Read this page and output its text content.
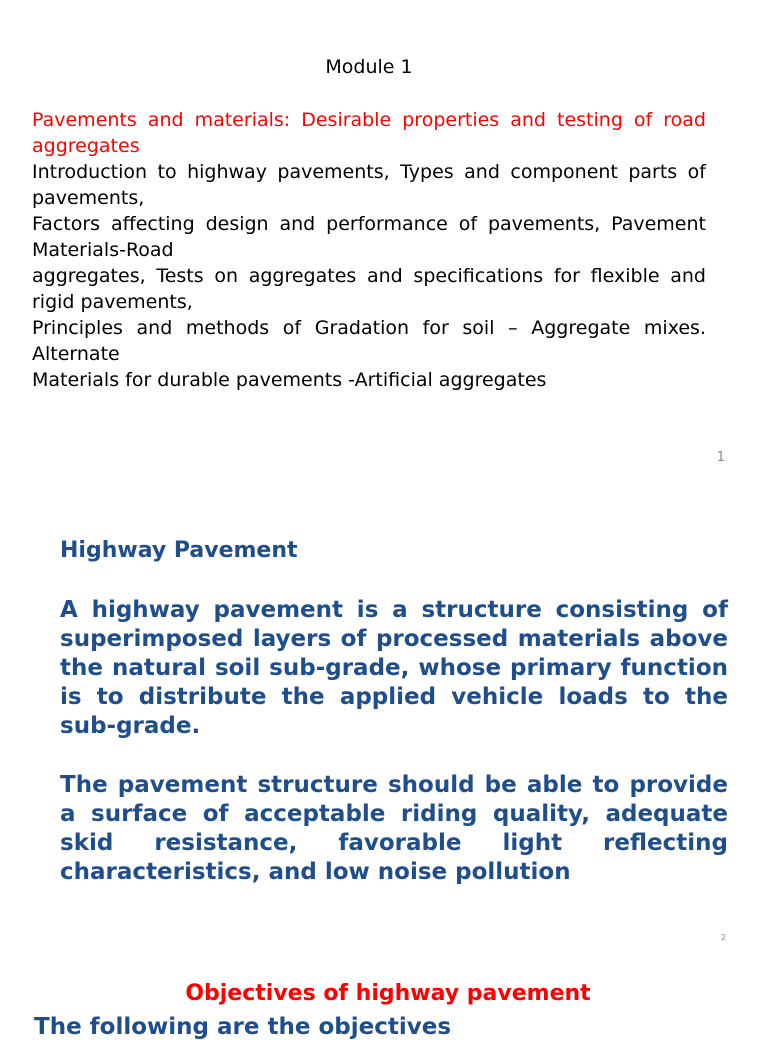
Module 1

Pavements and materials: Desirable properties and testing of road aggregates

Introduction to highway pavements, Types and component parts of pavements,

Factors affecting design and performance of pavements, Pavement Materials-Road

aggregates, Tests on aggregates and specifications for flexible and rigid pavements,

Principles and methods of Gradation for soil – Aggregate mixes. Alternate

Materials for durable pavements -Artificial aggregates

1
Highway Pavement

A highway pavement is a structure consisting of superimposed layers of processed materials above the natural soil sub-grade, whose primary function is to distribute the applied vehicle loads to the sub-grade.

The pavement structure should be able to provide a surface of acceptable riding quality, adequate skid resistance, favorable light reflecting characteristics, and low noise pollution

2
Objectives of highway pavement
The following are the objectives
